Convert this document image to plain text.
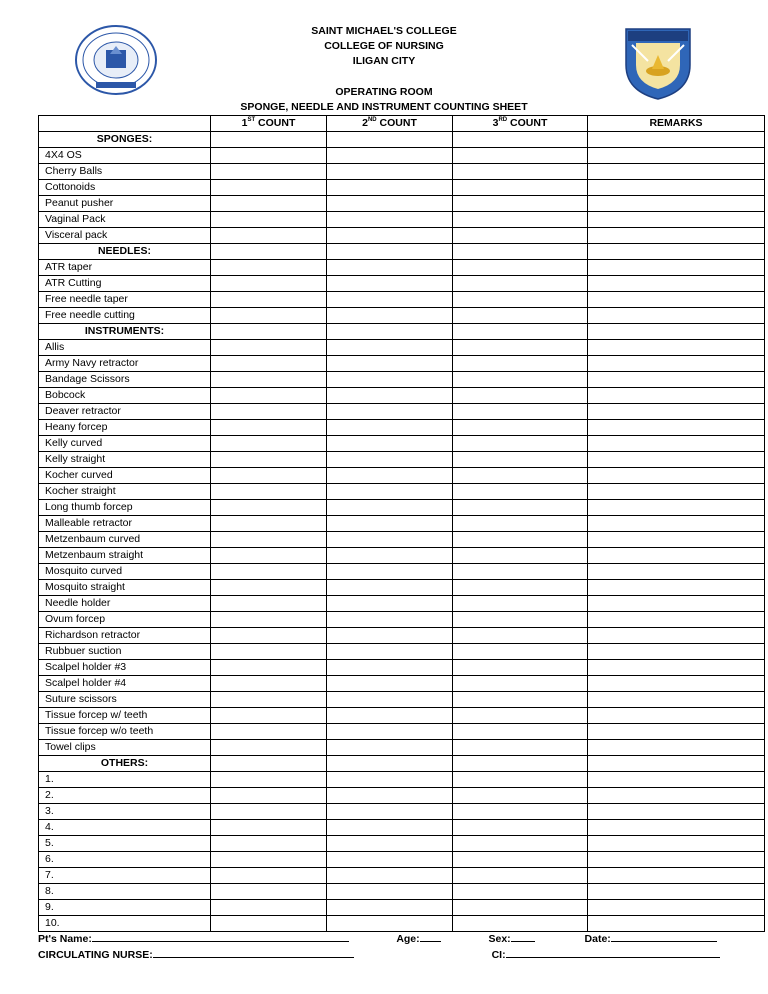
SAINT MICHAEL'S COLLEGE
COLLEGE OF NURSING
ILIGAN CITY
OPERATING ROOM
SPONGE, NEEDLE AND INSTRUMENT COUNTING SHEET
	1ST COUNT	2ND COUNT	3RD COUNT	REMARKS
SPONGES:				
4X4 OS				
Cherry Balls				
Cottonoids				
Peanut pusher				
Vaginal Pack				
Visceral pack				
NEEDLES:				
ATR taper				
ATR Cutting				
Free needle taper				
Free needle cutting				
INSTRUMENTS:				
Allis				
Army Navy retractor				
Bandage Scissors				
Bobcock				
Deaver retractor				
Heany forcep				
Kelly curved				
Kelly straight				
Kocher curved				
Kocher straight				
Long thumb forcep				
Malleable retractor				
Metzenbaum curved				
Metzenbaum straight				
Mosquito curved				
Mosquito straight				
Needle holder				
Ovum forcep				
Richardson retractor				
Rubbuer suction				
Scalpel holder #3				
Scalpel holder #4				
Suture scissors				
Tissue forcep w/ teeth				
Tissue forcep w/o teeth				
Towel clips				
OTHERS:				
1.				
2.				
3.				
4.				
5.				
6.				
7.				
8.				
9.				
10.				
Pt's Name:	Age:	Sex:	Date:
CIRCULATING NURSE:	CI:
